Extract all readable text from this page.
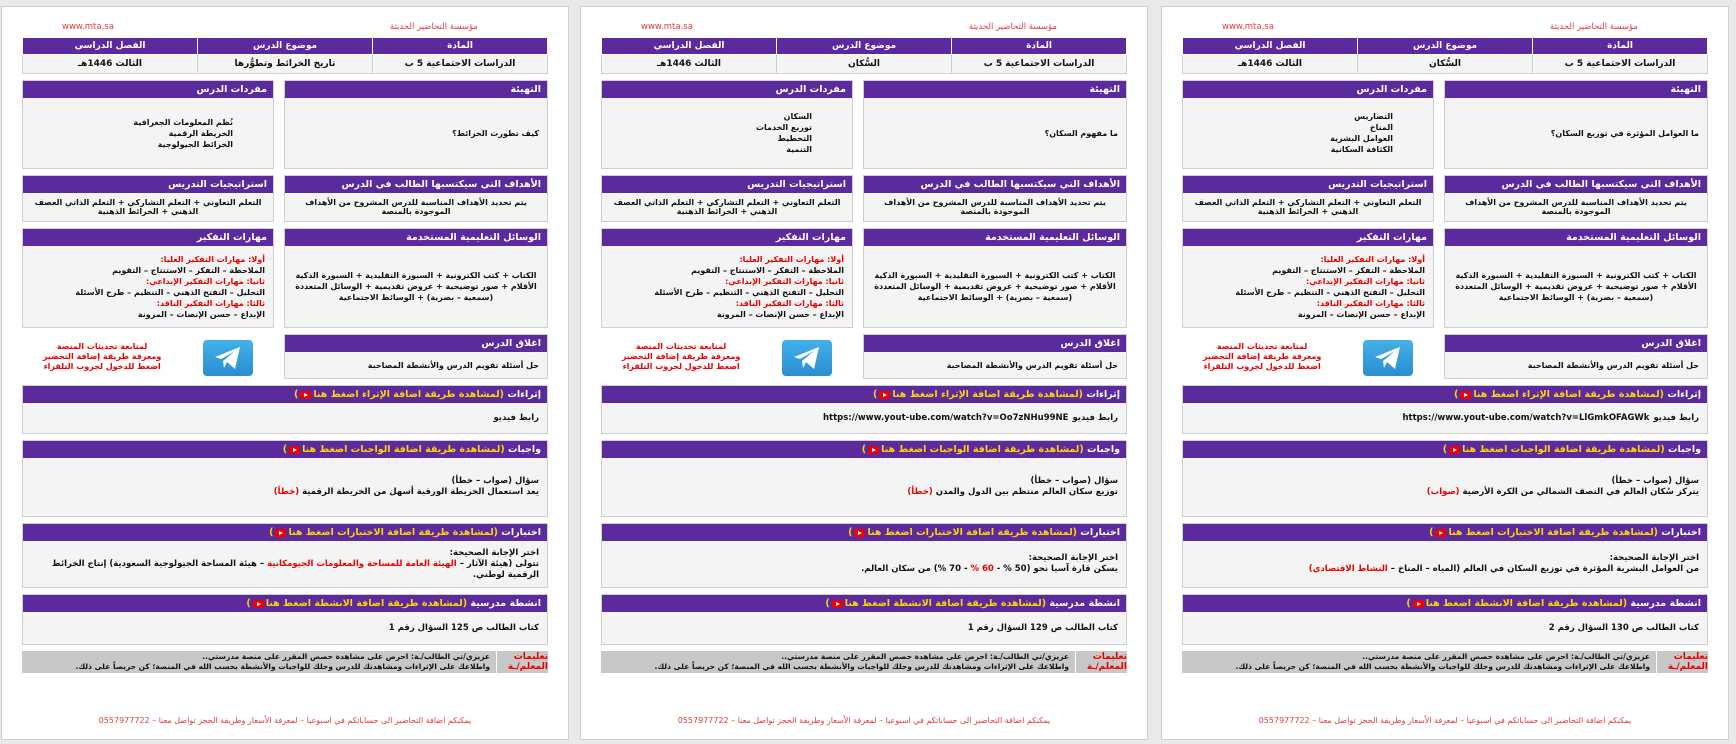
مؤسسة التحاضير الحديثة
www.mta.sa
المادة	موضوع الدرس	الفصل الدراسي
الدراسات الاجتماعية 5 ب	السُّكان	الثالث 1446هـ
التهيئة
ما العوامل المؤثرة في توزيع السكان؟
مفردات الدرس
التضاريس
المناخ
العوامل البشرية
الكثافة السكانية
الأهداف التي سيكتسبها الطالب في الدرس
يتم تحديد الأهداف المناسبة للدرس المشروح من الأهداف الموجودة بالمنصة
استراتيجيات التدريس
التعلم التعاوني + التعلم التشاركي + التعلم الذاتي العصف الذهني + الخرائط الذهنية
الوسائل التعليمية المستخدمة
الكتاب + كتب الكترونية + السبورة التقليدية + السبورة الذكية الأقلام + صور توضيحية + عروض تقديمية + الوسائل المتعددة (سمعية – بصرية) + الوسائط الاجتماعية
مهارات التفكير
أولا: مهارات التفكير العليا:
الملاحظة – التفكر – الاستنتاج – التقويم
ثانيا: مهارات التفكير الإبداعي:
التحليل – التفتح الذهني – التنظيم – طرح الأسئلة
ثالثا: مهارات التفكير الناقد:
الإبداع – حسن الإنصات – المرونة
اغلاق الدرس
حل أسئلة تقويم الدرس والأنشطة المصاحبة
لمتابعة تحديثات المنصة
ومعرفة طريقة إضافة التحضير
اضغط للدخول لجروب التلقراء
إثراءات (لمشاهدة طريقة اضافة الإثراء اضغط هنا)
رابط فيديو
https://www.yout-ube.com/watch?v=LlGmkOFAGWk
واجبات (لمشاهدة طريقة اضافة الواجبات اضغط هنا)
سؤال (صواب – خطأ)
يتركز سُكان العالم في النصف الشمالي من الكرة الأرضية (صواب)
اختبارات (لمشاهدة طريقة اضافة الاختبارات اضغط هنا)
اختر الإجابة الصحيحة:
من العوامل البشرية المؤثرة في توزيع السكان في العالم (المياه – المناخ – النشاط الاقتصادي)
انشطة مدرسية (لمشاهدة طريقة اضافة الانشطة اضغط هنا)
كتاب الطالب ص 130 السؤال رقم 2
تعليمات المعلم/ـة
عزيزي/تي الطالب/ـة: احرص على مشاهدة حصص المقرر على منصة مدرستي..
واطلاعك على الإثراءات ومشاهدتك للدرس وحلك للواجبات والأنشطة بحسب الله في المنصة؛ كن حريصاً على ذلك.
يمكنكم اضافة التحاضير الى حساباتكم في اسبوعيا – لمعرفة الأسعار وطريقة الحجز تواصل معنا – 0557977722
مؤسسة التحاضير الحديثة
www.mta.sa
المادة	موضوع الدرس	الفصل الدراسي
الدراسات الاجتماعية 5 ب	السُّكان	الثالث 1446هـ
التهيئة
ما مفهوم السكان؟
مفردات الدرس
السكان
توزيع الخدمات
التخطيط
التنمية
الأهداف التي سيكتسبها الطالب في الدرس
يتم تحديد الأهداف المناسبة للدرس المشروح من الأهداف الموجودة بالمنصة
استراتيجيات التدريس
التعلم التعاوني + التعلم التشاركي + التعلم الذاتي العصف الذهني + الخرائط الذهنية
الوسائل التعليمية المستخدمة
الكتاب + كتب الكترونية + السبورة التقليدية + السبورة الذكية الأقلام + صور توضيحية + عروض تقديمية + الوسائل المتعددة (سمعية – بصرية) + الوسائط الاجتماعية
مهارات التفكير
أولا: مهارات التفكير العليا:
الملاحظة – التفكر – الاستنتاج – التقويم
ثانيا: مهارات التفكير الإبداعي:
التحليل – التفتح الذهني – التنظيم – طرح الأسئلة
ثالثا: مهارات التفكير الناقد:
الإبداع – حسن الإنصات – المرونة
اغلاق الدرس
حل أسئلة تقويم الدرس والأنشطة المصاحبة
لمتابعة تحديثات المنصة
ومعرفة طريقة إضافة التحضير
اضغط للدخول لجروب التلقراء
إثراءات (لمشاهدة طريقة اضافة الإثراء اضغط هنا)
رابط فيديو
https://www.yout-ube.com/watch?v=Oo7zNHu99NE
واجبات (لمشاهدة طريقة اضافة الواجبات اضغط هنا)
سؤال (صواب – خطأ)
توزيع سكان العالم منتظم بين الدول والمدن (خطأ)
اختبارات (لمشاهدة طريقة اضافة الاختبارات اضغط هنا)
اختر الإجابة الصحيحة:
يسكن قارة آسيا نحو (50 % - 60 % - 70 %) من سكان العالم.
انشطة مدرسية (لمشاهدة طريقة اضافة الانشطة اضغط هنا)
كتاب الطالب ص 129 السؤال رقم 1
تعليمات المعلم/ـة
عزيزي/تي الطالب/ـة: احرص على مشاهدة حصص المقرر على منصة مدرستي..
واطلاعك على الإثراءات ومشاهدتك للدرس وحلك للواجبات والأنشطة بحسب الله في المنصة؛ كن حريصاً على ذلك.
يمكنكم اضافة التحاضير الى حساباتكم في اسبوعيا – لمعرفة الأسعار وطريقة الحجز تواصل معنا – 0557977722
مؤسسة التحاضير الحديثة
www.mta.sa
المادة	موضوع الدرس	الفصل الدراسي
الدراسات الاجتماعية 5 ب	تاريخ الخرائط وتطوُّرها	الثالث 1446هـ
التهيئة
كيف تطورت الخرائط؟
مفردات الدرس
نُظم المعلومات الجغرافية
الخريطة الرقمية
الخرائط الجيولوجية
الأهداف التي سيكتسبها الطالب في الدرس
يتم تحديد الأهداف المناسبة للدرس المشروح من الأهداف الموجودة بالمنصة
استراتيجيات التدريس
التعلم التعاوني + التعلم التشاركي + التعلم الذاتي العصف الذهني + الخرائط الذهنية
الوسائل التعليمية المستخدمة
الكتاب + كتب الكترونية + السبورة التقليدية + السبورة الذكية الأقلام + صور توضيحية + عروض تقديمية + الوسائل المتعددة (سمعية – بصرية) + الوسائط الاجتماعية
مهارات التفكير
أولا: مهارات التفكير العليا:
الملاحظة – التفكر – الاستنتاج – التقويم
ثانيا: مهارات التفكير الإبداعي:
التحليل – التفتح الذهني – التنظيم – طرح الأسئلة
ثالثا: مهارات التفكير الناقد:
الإبداع – حسن الإنصات – المرونة
اغلاق الدرس
حل أسئلة تقويم الدرس والأنشطة المصاحبة
لمتابعة تحديثات المنصة
ومعرفة طريقة إضافة التحضير
اضغط للدخول لجروب التلقراء
إثراءات (لمشاهدة طريقة اضافة الإثراء اضغط هنا)
رابط فيديو
واجبات (لمشاهدة طريقة اضافة الواجبات اضغط هنا)
سؤال (صواب – خطأ)
يعد استعمال الخريطة الورقية أسهل من الخريطة الرقمية (خطأ)
اختبارات (لمشاهدة طريقة اضافة الاختبارات اضغط هنا)
اختر الإجابة الصحيحة:
تتولى (هيئة الآثار – الهيئة العامة للمساحة والمعلومات الجيومكانية – هيئة المساحة الجيولوجية السعودية) إنتاج الخرائط الرقمية لوطني.
انشطة مدرسية (لمشاهدة طريقة اضافة الانشطة اضغط هنا)
كتاب الطالب ص 125 السؤال رقم 1
تعليمات المعلم/ـة
عزيزي/تي الطالب/ـة: احرص على مشاهدة حصص المقرر على منصة مدرستي..
واطلاعك على الإثراءات ومشاهدتك للدرس وحلك للواجبات والأنشطة بحسب الله في المنصة؛ كن حريصاً على ذلك.
يمكنكم اضافة التحاضير الى حساباتكم في اسبوعيا – لمعرفة الأسعار وطريقة الحجز تواصل معنا – 0557977722
